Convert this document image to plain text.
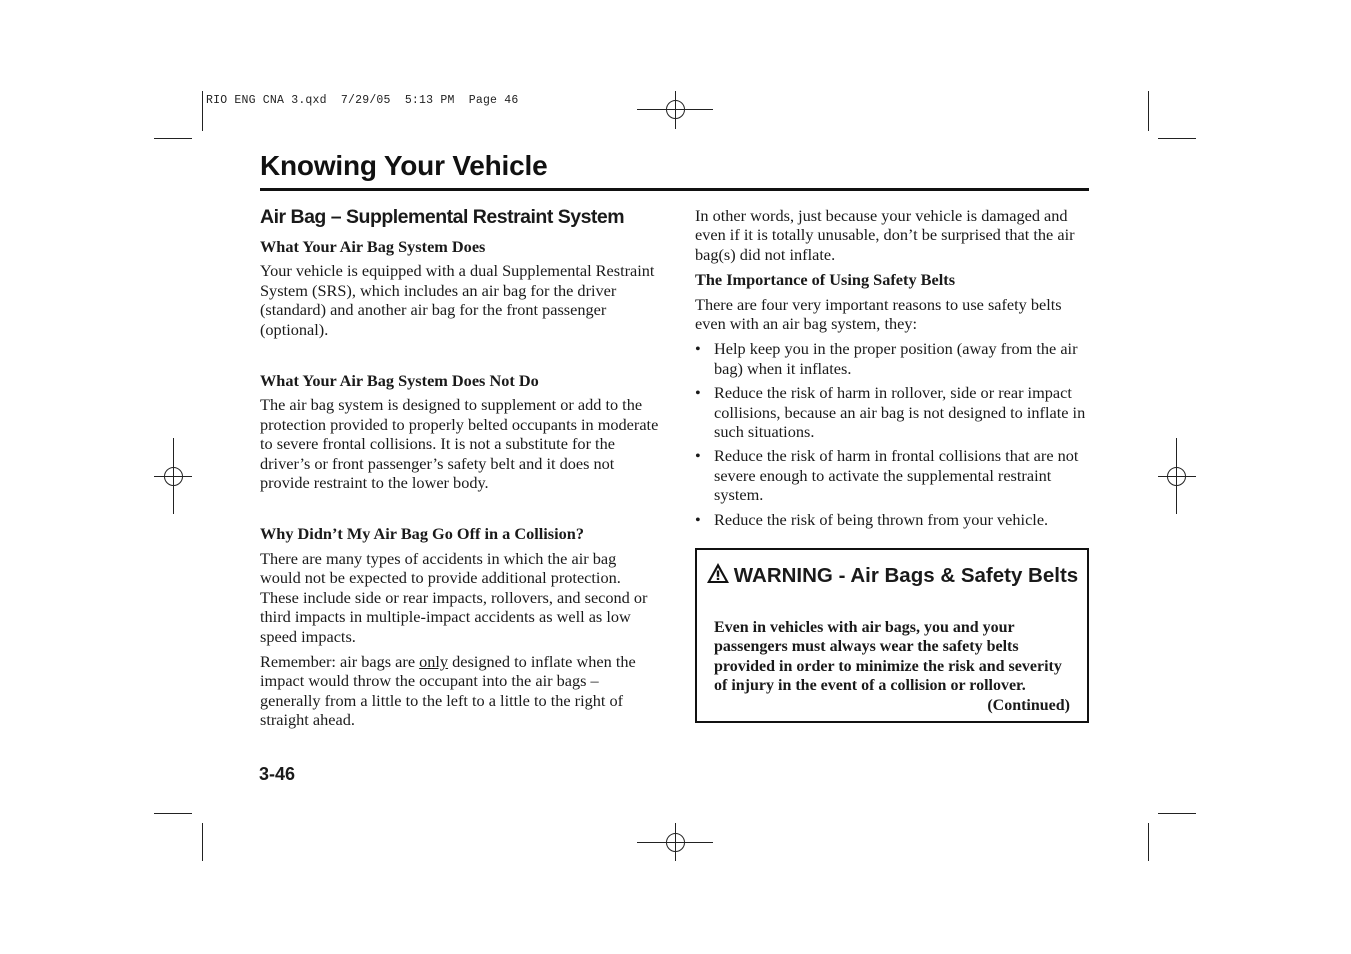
RIO ENG CNA 3.qxd  7/29/05  5:13 PM  Page 46
Knowing Your Vehicle
Air Bag – Supplemental Restraint System
What Your Air Bag System Does

Your vehicle is equipped with a dual Supplemental Restraint System (SRS), which includes an air bag for the driver (standard) and another air bag for the front passenger (optional).

What Your Air Bag System Does Not Do

The air bag system is designed to supplement or add to the protection provided to properly belted occupants in moderate to severe frontal collisions. It is not a substitute for the driver’s or front passenger’s safety belt and it does not provide restraint to the lower body.

Why Didn’t My Air Bag Go Off in a Collision?

There are many types of accidents in which the air bag would not be expected to provide additional protection. These include side or rear impacts, rollovers, and second or third impacts in multiple-impact accidents as well as low speed impacts.

Remember: air bags are only designed to inflate when the impact would throw the occupant into the air bags – generally from a little to the left to a little to the right of straight ahead.

In other words, just because your vehicle is damaged and even if it is totally unusable, don’t be surprised that the air bag(s) did not inflate.

The Importance of Using Safety Belts

There are four very important reasons to use safety belts even with an air bag system, they:

• Help keep you in the proper position (away from the air bag) when it inflates.
• Reduce the risk of harm in rollover, side or rear impact collisions, because an air bag is not designed to inflate in such situations.
• Reduce the risk of harm in frontal collisions that are not severe enough to activate the supplemental restraint system.
• Reduce the risk of being thrown from your vehicle.
WARNING - Air Bags & Safety Belts
Even in vehicles with air bags, you and your passengers must always wear the safety belts provided in order to minimize the risk and severity of injury in the event of a collision or rollover.
(Continued)
3-46
